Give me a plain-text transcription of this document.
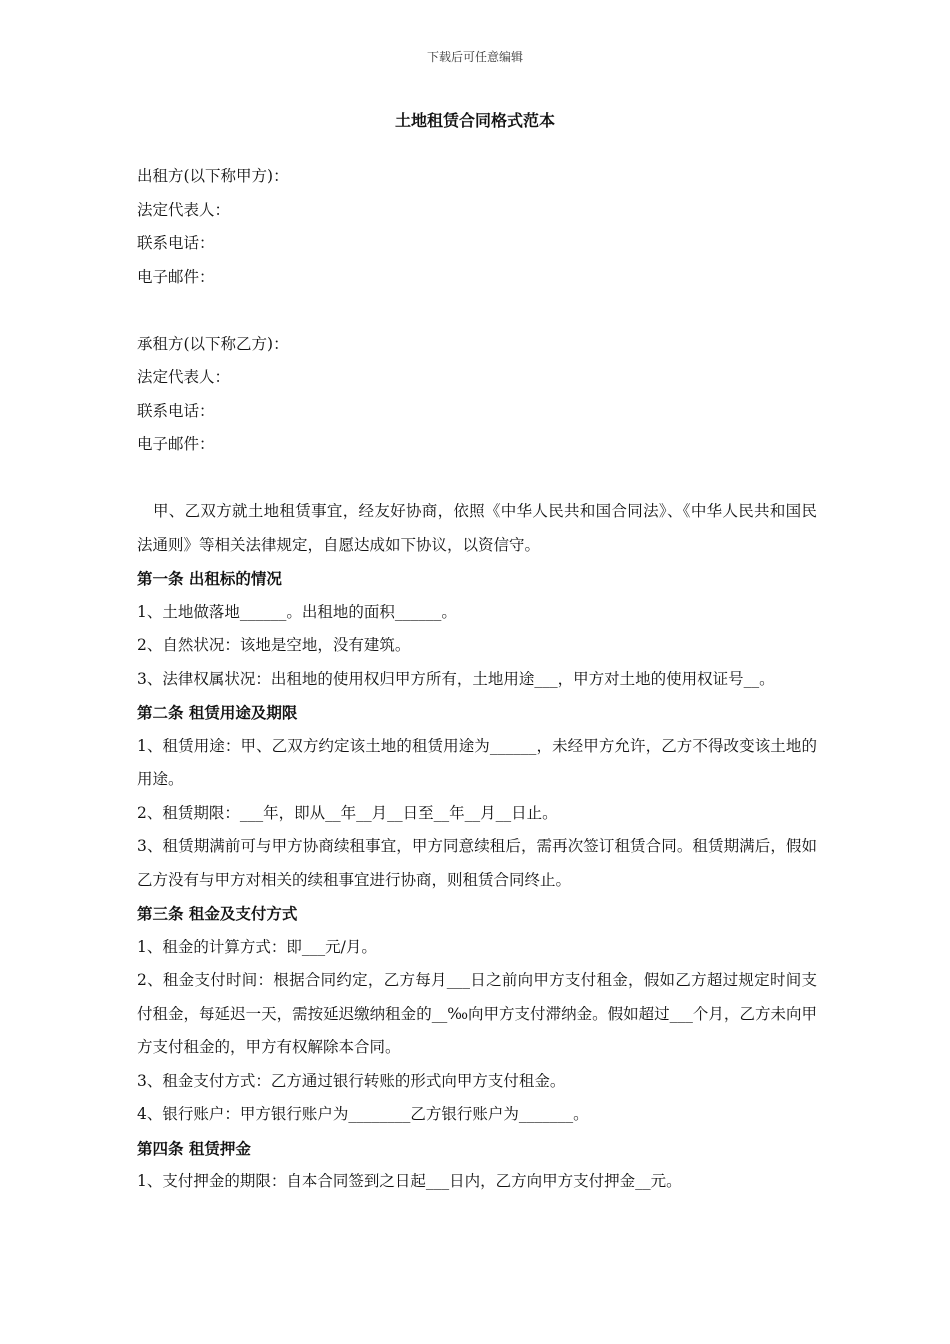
下载后可任意编辑
土地租赁合同格式范本
出租方(以下称甲方)：
法定代表人：
联系电话：
电子邮件：
承租方(以下称乙方)：
法定代表人：
联系电话：
电子邮件：
甲、乙双方就土地租赁事宜，经友好协商，依照《中华人民共和国合同法》、《中华人民共和国民法通则》等相关法律规定，自愿达成如下协议，以资信守。
第一条 出租标的情况
1、土地做落地______。出租地的面积______。
2、自然状况：该地是空地，没有建筑。
3、法律权属状况：出租地的使用权归甲方所有，土地用途___，甲方对土地的使用权证号__。
第二条 租赁用途及期限
1、租赁用途：甲、乙双方约定该土地的租赁用途为______，未经甲方允许，乙方不得改变该土地的用途。
2、租赁期限：___年，即从__年__月__日至__年__月__日止。
3、租赁期满前可与甲方协商续租事宜，甲方同意续租后，需再次签订租赁合同。租赁期满后，假如乙方没有与甲方对相关的续租事宜进行协商，则租赁合同终止。
第三条 租金及支付方式
1、租金的计算方式：即___元/月。
2、租金支付时间：根据合同约定，乙方每月___日之前向甲方支付租金，假如乙方超过规定时间支付租金，每延迟一天，需按延迟缴纳租金的__‰向甲方支付滞纳金。假如超过___个月，乙方未向甲方支付租金的，甲方有权解除本合同。
3、租金支付方式：乙方通过银行转账的形式向甲方支付租金。
4、银行账户：甲方银行账户为________乙方银行账户为_______。
第四条 租赁押金
1、支付押金的期限：自本合同签到之日起___日内，乙方向甲方支付押金__元。
